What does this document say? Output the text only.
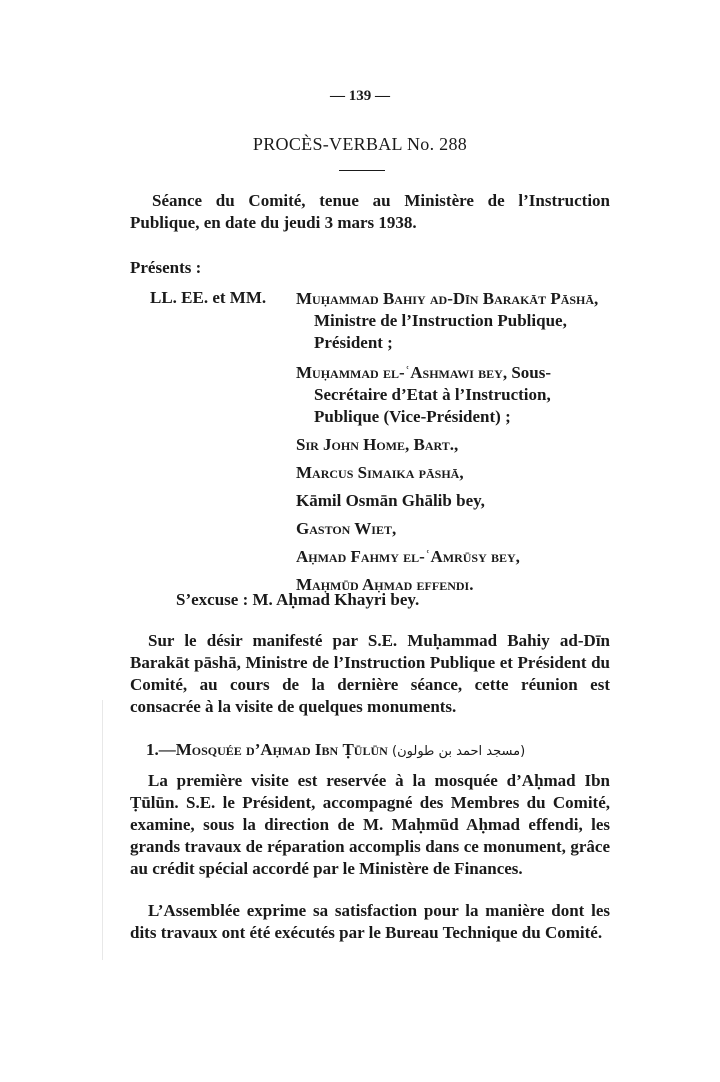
— 139 —
PROCÈS-VERBAL No. 288
Séance du Comité, tenue au Ministère de l’Instruction Publique, en date du jeudi 3 mars 1938.
Présents :
LL. EE. et MM. Muḥammad Bahiy ad-Dīn Barakāt Pāshā, Ministre de l’Instruction Publique, Président ;
Muḥammad el-ʿAshmawi bey, Sous-Secrétaire d’Etat à l’Instruction, Publique (Vice-Président) ;
Sir John Home, Bart.,
Marcus Simaika pāshā,
Kāmil Osmān Ghālib bey,
Gaston Wiet,
Aḥmad Fahmy el-ʿAmrūsy bey,
Maḥmūd Aḥmad effendi.
S’excuse : M. Aḥmad Khayri bey.
Sur le désir manifesté par S.E. Muḥammad Bahiy ad-Dīn Barakāt pāshā, Ministre de l’Instruction Publique et Président du Comité, au cours de la dernière séance, cette réunion est consacrée à la visite de quelques monuments.
1.—Mosquée d’Aḥmad Ibn Ṭūlūn (مسجد احمد بن طولون)
La première visite est reservée à la mosquée d’Aḥmad Ibn Ṭūlūn. S.E. le Président, accompagné des Membres du Comité, examine, sous la direction de M. Maḥmūd Aḥmad effendi, les grands travaux de réparation accomplis dans ce monument, grâce au crédit spécial accordé par le Ministère de Finances.
L’Assemblée exprime sa satisfaction pour la manière dont les dits travaux ont été exécutés par le Bureau Technique du Comité.
